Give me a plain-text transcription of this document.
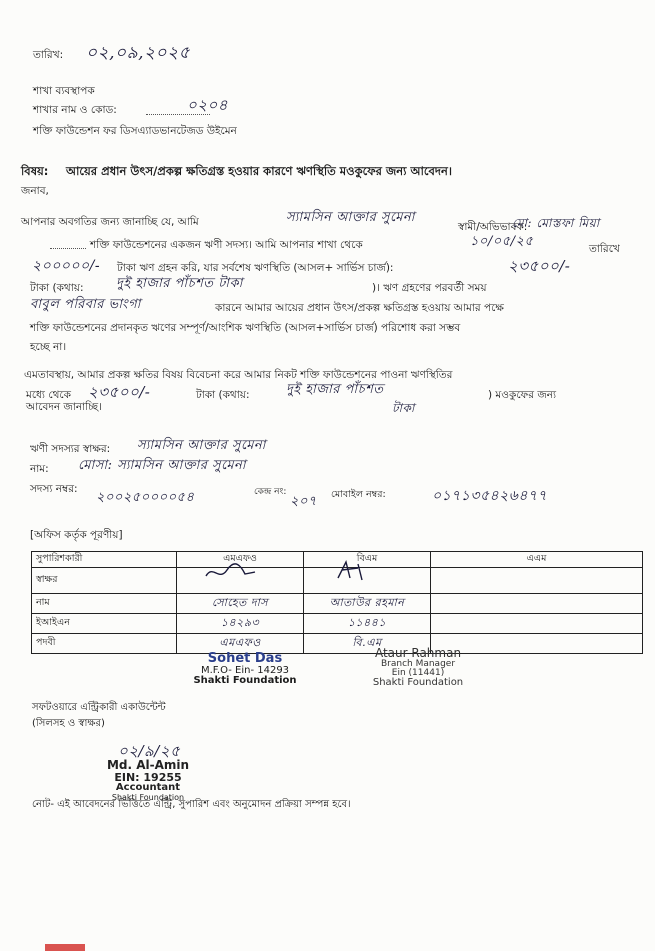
তারিখ: ০২,০৯,২০২৫
শাখা ব্যবস্থাপক
শাখার নাম ও কোড:	০২০৪
শক্তি ফাউন্ডেশন ফর ডিসএ্যাডভানটেজড উইমেন
বিষয়: আয়ের প্রধান উৎস/প্রকল্প ক্ষতিগ্রস্ত হওয়ার কারণে ঋণস্থিতি মওকুফের জন্য আবেদন।
জনাব,
আপনার অবগতির জন্য জানাচ্ছি যে, আমি	স্যামসিন আক্তার সুমেনা
স্বামী/অভিভাবক:
মো: মোস্তফা মিয়া
শক্তি ফাউন্ডেশনের একজন ঋণী সদস্য। আমি আপনার শাখা থেকে	১০/০৫/২৫	তারিখে
২০০০০০/- টাকা ঋণ গ্রহন করি, যার সর্বশেষ ঋণস্থিতি (আসল+ সার্ভিস চার্জ):	২৩৫০০/-
টাকা (কথায়: দুই হাজার পাঁচশত টাকা	)। ঋণ গ্রহণের পরবর্তী সময়
বাবুল পরিবার ভাংগা	কারনে আমার আয়ের প্রধান উৎস/প্রকল্প ক্ষতিগ্রস্ত হওয়ায় আমার পক্ষে
শক্তি ফাউন্ডেশনের প্রদানকৃত ঋণের সম্পূর্ণ/আংশিক ঋণস্থিতি (আসল+সার্ভিস চার্জ) পরিশোধ করা সম্ভব
হচ্ছে না।
এমতাবস্থায়, আমার প্রকল্প ক্ষতির বিষয় বিবেচনা করে আমার নিকট শক্তি ফাউন্ডেশনের পাওনা ঋণস্থিতির
মধ্যে থেকে ২৩৫০০/-	টাকা (কথায়:	দুই হাজার পাঁচশত	) মওকুফের জন্য
টাকা
আবেদন জানাচ্ছি।
ঋণী সদস্যর স্বাক্ষর: স্যামসিন আক্তার সুমেনা
নাম: মোসা: স্যামসিন আক্তার সুমেনা
সদস্য নম্বর:
২০০২৫০০০০৫৪	কেন্দ্র নং:
২০৭ মোবাইল নম্বর:	০১৭১৩৫৪২৬৪৭৭
[অফিস কর্তৃক পূরণীয়]
সুপারিশকারী	এমএফও	বিএম	এএম
স্বাক্ষর			
নাম	সোহেত দাস	আতাউর রহমান	
ইআইএন	১৪২৯৩	১১৪৪১	
পদবী	এমএফও	বি.এম	
Sohet Das
M.F.O- Ein- 14293
Shakti Foundation
Ataur Rahman
Branch Manager
Ein (11441)
Shakti Foundation
সফটওয়ারে এন্ট্রিকারী একাউন্টেন্ট
(সিলসহ ও স্বাক্ষর)
০২/৯/২৫
Md. Al-Amin
EIN: 19255
Accountant
Shakti Foundation
নোট- এই আবেদনের ভিত্তিতে এন্ট্রি, সুপারিশ এবং অনুমোদন প্রক্রিয়া সম্পন্ন হবে।
